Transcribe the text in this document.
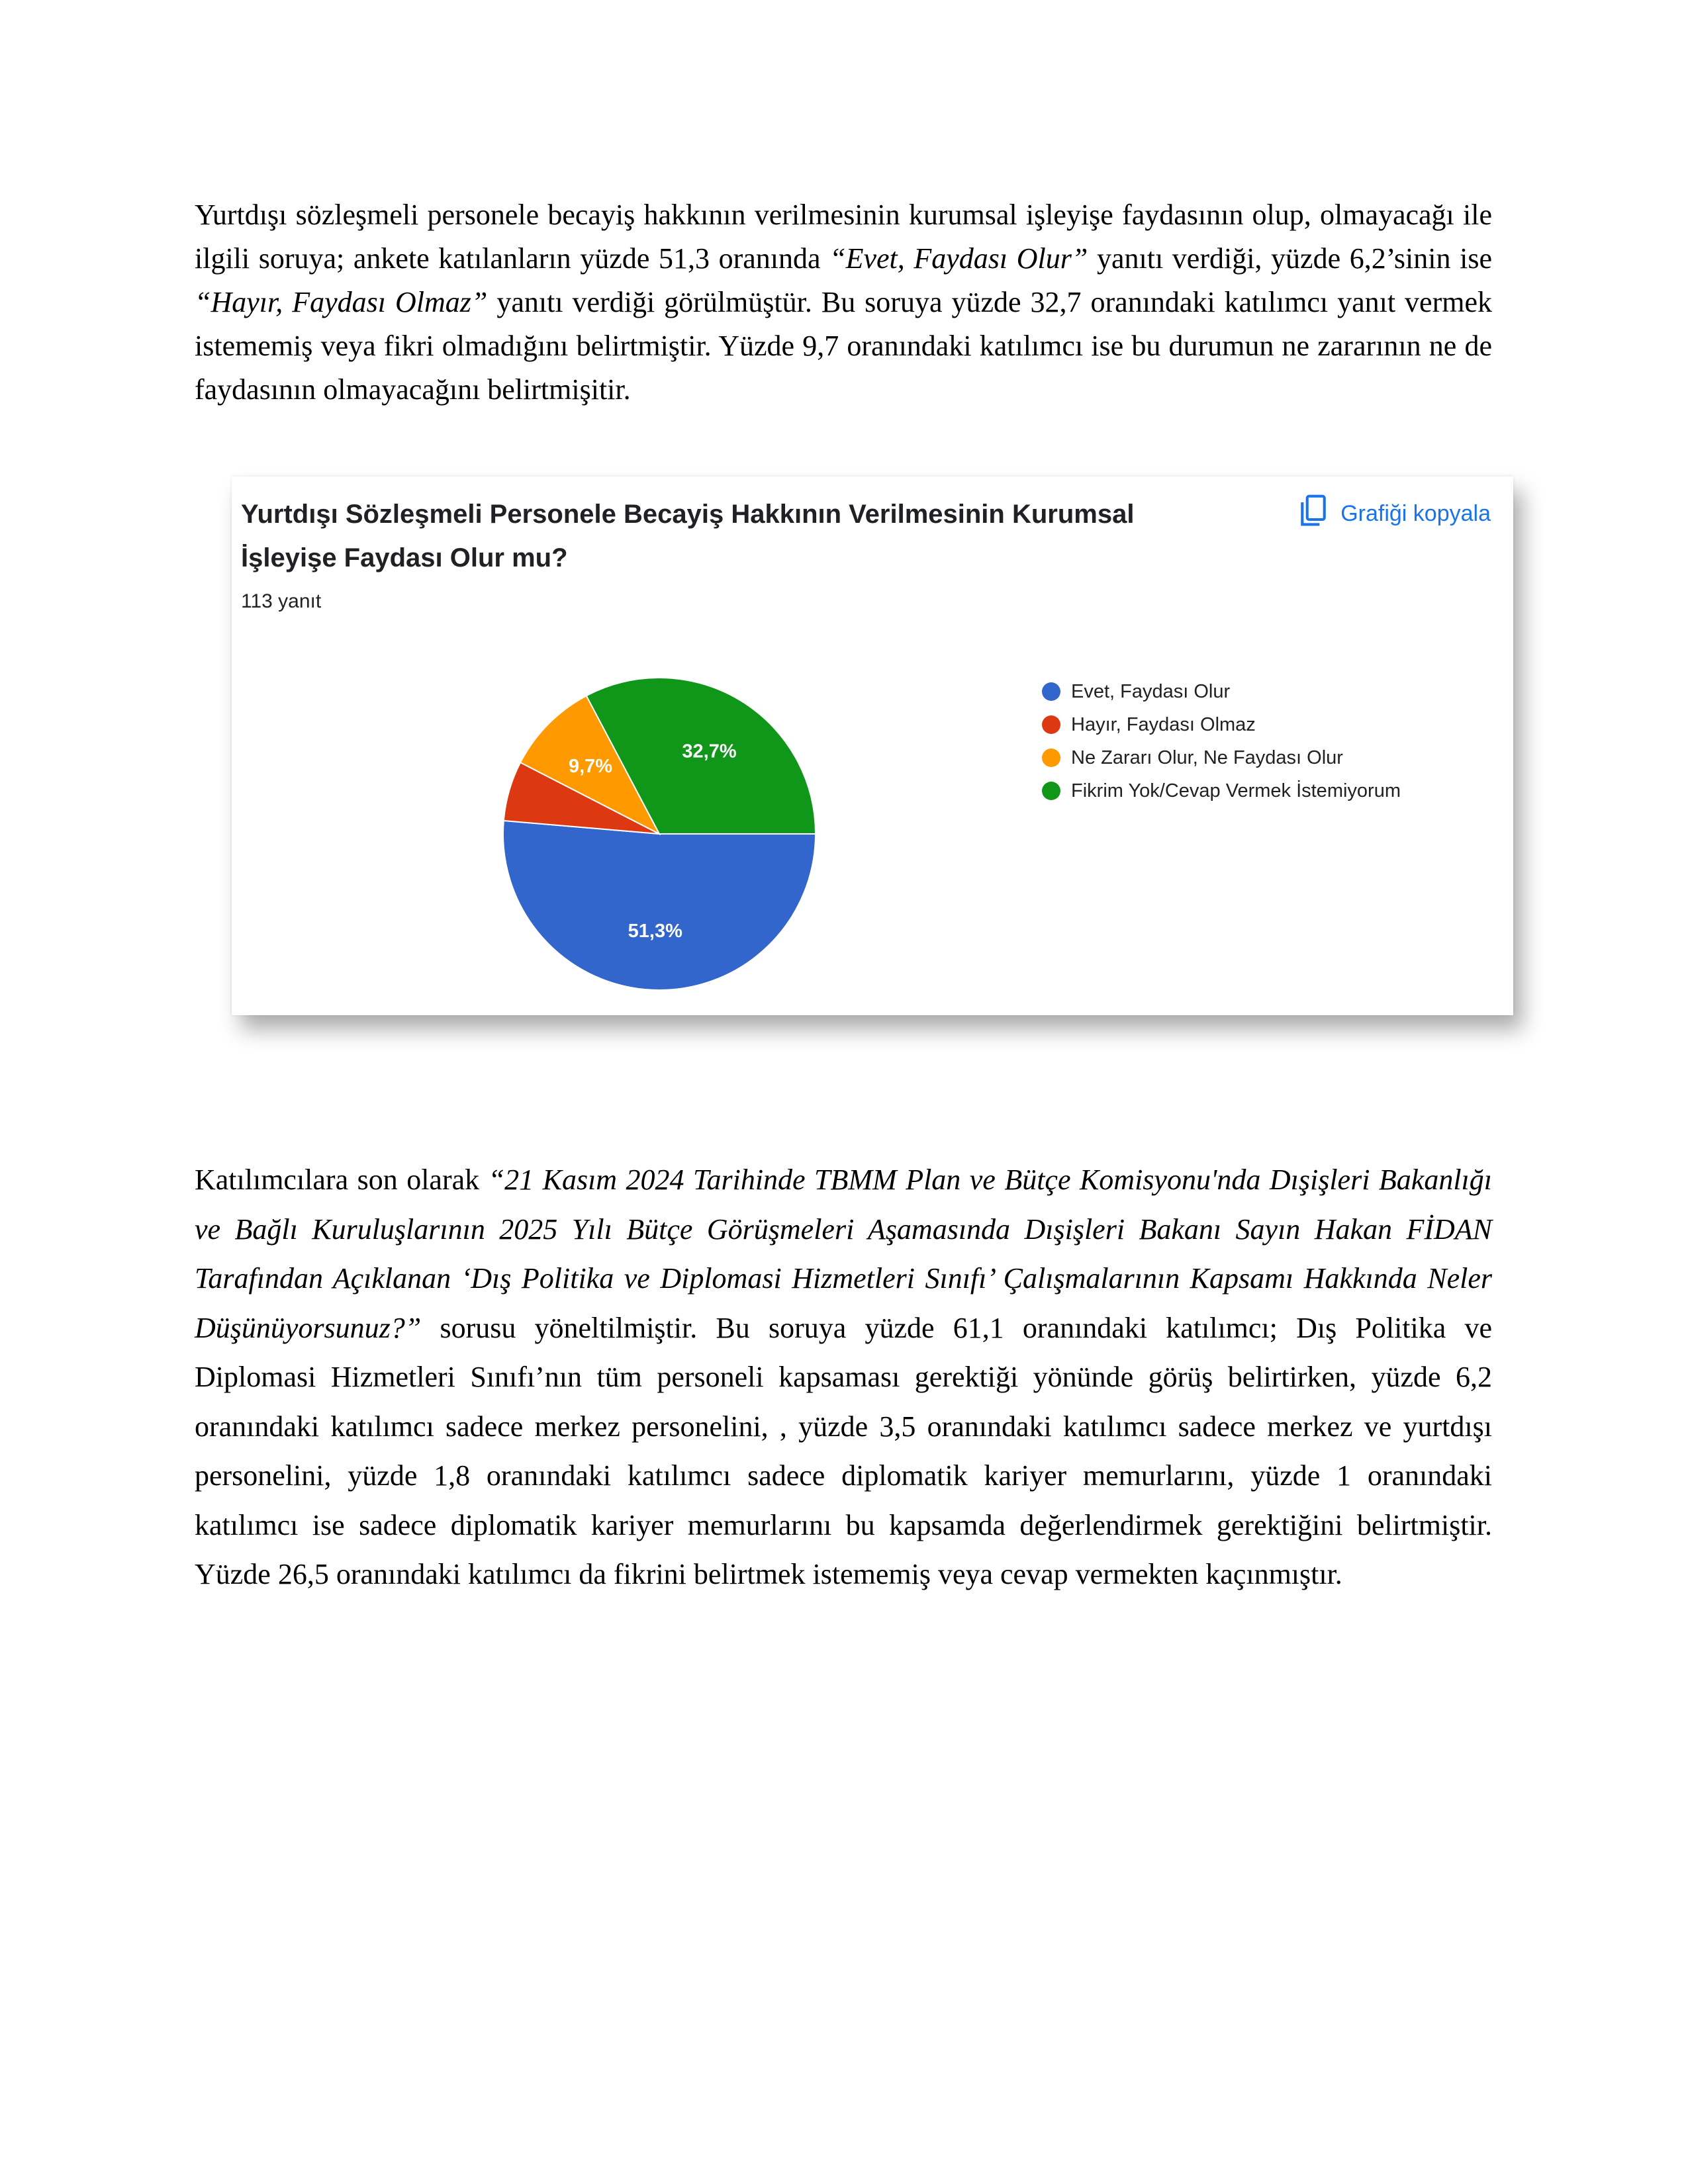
Yurtdışı sözleşmeli personele becayiş hakkının verilmesinin kurumsal işleyişe faydasının olup, olmayacağı ile ilgili soruya; ankete katılanların yüzde 51,3 oranında “Evet, Faydası Olur” yanıtı verdiği, yüzde 6,2’sinin ise “Hayır, Faydası Olmaz” yanıtı verdiği görülmüştür. Bu soruya yüzde 32,7 oranındaki katılımcı yanıt vermek istememiş veya fikri olmadığını belirtmiştir. Yüzde 9,7 oranındaki katılımcı ise bu durumun ne zararının ne de faydasının olmayacağını belirtmişitir.

Yurtdışı Sözleşmeli Personele Becayiş Hakkının Verilmesinin Kurumsal İşleyişe Faydası Olur mu?
113 yanıt
Grafiği kopyala
51,3%
9,7%
32,7%
Evet, Faydası Olur
Hayır, Faydası Olmaz
Ne Zararı Olur, Ne Faydası Olur
Fikrim Yok/Cevap Vermek İstemiyorum

Katılımcılara son olarak “21 Kasım 2024 Tarihinde TBMM Plan ve Bütçe Komisyonu'nda Dışişleri Bakanlığı ve Bağlı Kuruluşlarının 2025 Yılı Bütçe Görüşmeleri Aşamasında Dışişleri Bakanı Sayın Hakan FİDAN Tarafından Açıklanan ‘Dış Politika ve Diplomasi Hizmetleri Sınıfı’ Çalışmalarının Kapsamı Hakkında Neler Düşünüyorsunuz?” sorusu yöneltilmiştir. Bu soruya yüzde 61,1 oranındaki katılımcı; Dış Politika ve Diplomasi Hizmetleri Sınıfı’nın tüm personeli kapsaması gerektiği yönünde görüş belirtirken, yüzde 6,2 oranındaki katılımcı sadece merkez personelini, , yüzde 3,5 oranındaki katılımcı sadece merkez ve yurtdışı personelini, yüzde 1,8 oranındaki katılımcı sadece diplomatik kariyer memurlarını, yüzde 1 oranındaki katılımcı ise sadece diplomatik kariyer memurlarını bu kapsamda değerlendirmek gerektiğini belirtmiştir. Yüzde 26,5 oranındaki katılımcı da fikrini belirtmek istememiş veya cevap vermekten kaçınmıştır.
